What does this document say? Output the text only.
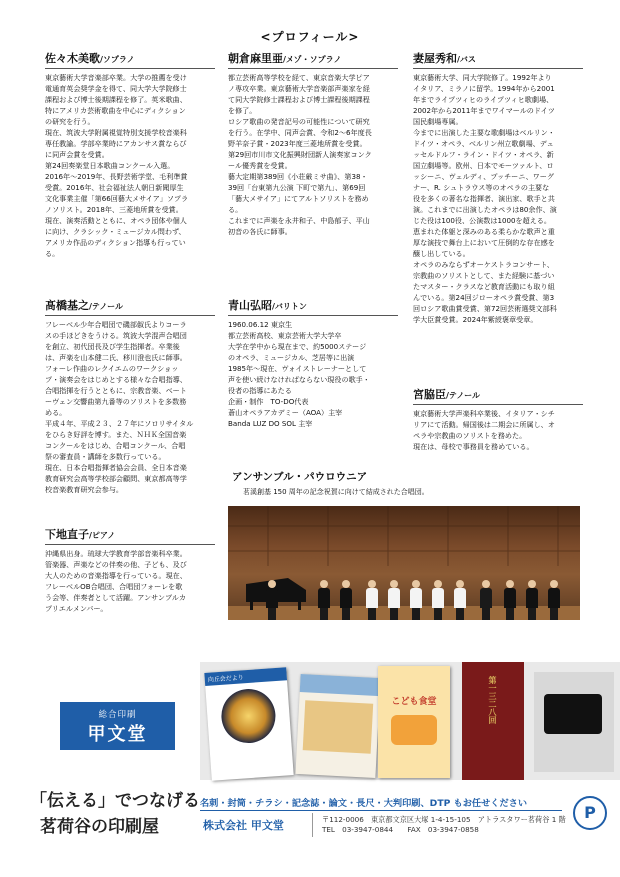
<プロフィール>
佐々木美歌/ソプラノ
東京藝術大学音楽部卒業。大学の推薦を受け
電通育英会奨学金を得て、同大学大学院修士
課程および博士後期課程を修了。英米歌曲、
特にアメリカ芸術歌曲を中心にディクション
の研究を行う。
現在、筑波大学附属視覚特別支援学校音楽科
専任教諭。学部卒業時にアカンサス賞ならび
に同声会賞を受賞。
第24回奏楽堂日本歌曲コンクール入選。
2016年～2019年、長野芸術学堂、毛利準賞
受賞。2016年、社会福祉法人朝日新聞厚生
文化事業主催「第66回藝大メサイア」ソプラ
ノソリスト。2018年、三菱地所賞を受賞。
現在、演奏活動とともに、オペラ団体や個人
に向け、クラシック・ミュージカル問わず、
アメリカ作品のディクション指導も行ってい
る。
髙橋基之/テノール
フレーベル少年合唱団で磯部俶氏よりコーラ
スの手ほどきをうける。筑波大学混声合唱団
を創立、初代団長及び学生指揮者。卒業後
は、声楽を山本健二氏、移川澄也氏に師事。
フォーレ作曲のレクイエムのワークショッ
プ・演奏会をはじめとする様々な合唱指導、
合唱指揮を行うとともに、宗教音楽、ベート
ーヴェン交響曲第九番等のソリストを多数務
める。
平成４年、平成２３、２７年にソロリサイタル
をひらき好評を博す。また、ＮＨＫ全国音楽
コンクールをはじめ、合唱コンクール、合唱
祭の審査員・講師を多数行っている。
現在、日本合唱指揮者協会会員、全日本音楽
教育研究会高等学校部会顧問、東京都高等学
校音楽教育研究会参与。
下地直子/ピアノ
沖縄県出身。琉球大学教育学部音楽科卒業。
管楽器、声楽などの伴奏の他、子ども、及び
大人のための音楽指導を行っている。現在、
フレーベルOB合唱団、合唱団フォーレを歌
う会等、伴奏者として活躍。アンサンブルカ
プリエルメンバー。
朝倉麻里亜/メゾ・ソプラノ
都立芸術高等学校を経て、東京音楽大学ピア
ノ専攻卒業。東京藝術大学音楽部声楽家を経
て同大学院修士課程および博士課程後期課程
を修了。
ロシア歌曲の発音記号の可能性について研究
を行う。在学中、同声会賞、令和2～6年度長
野羊奈子賞・2023年度三菱地所賞を受賞。
第29回市川市文化振興財団新人演奏家コンク
ール優秀賞を受賞。
藝大定期第389回《小荘厳ミサ曲》、第38・
39回「台東第九公演 下町で第九」、第69回
「藝大メサイア」にてアルトソリストを務め
る。
これまでに声楽を永井和子、中島郁子、平山
初音の各氏に師事。
青山弘昭/バリトン
1960.06.12 東京生
都立芸術高校、東京芸術大学大学卒
大学在学中から現在まで、約5000ステージ
のオペラ、ミュージカル、芝居等に出演
1985年～現在、ヴォイストレーナーとして
声を使い続けなければならない現役の歌手・
役者の指導にあたる
企画・制作　TO-DO代表
蒼山オペラアカデミー（AOA）主宰
Banda LUZ DO SOL 主宰
妻屋秀和/バス
東京藝術大学、同大学院修了。1992年より
イタリア、ミラノに留学。1994年から2001
年までライプツィヒのライプツィヒ歌劇場、
2002年から2011年までワイマールのドイツ
国民劇場専属。
今までに出演した主要な歌劇場はベルリン・
ドイツ・オペラ、ベルリン州立歌劇場、デュ
ッセルドルフ・ライン・ドイツ・オペラ、新
国立劇場等。欧州、日本でモーツァルト、ロ
ッシーニ、ヴェルディ、プッチーニ、ワーグ
ナー、R. シュトラウス等のオペラの主要な
役を多くの著名な指揮者、演出家、歌手と共
演。これまでに出演したオペラは80余作、演
じた役は100役、公演数は1000を超える。
恵まれた体躯と深みのある柔らかな歌声と重
厚な演技で舞台上において圧倒的な存在感を
醸し出している。
オペラのみならずオーケストラコンサート、
宗教曲のソリストとして、また経験に基づい
たマスター・クラスなど教育活動にも取り組
んでいる。第24回ジローオペラ賞受賞、第3
回ロシア歌曲賞受賞、第72回芸術選奨文部科
学大臣賞受賞。2024年紫綬褒章受章。
宮脇臣/テノール
東京藝術大学声楽科卒業後、イタリア・シチ
リアにて活動。帰国後は二期会に所属し、オ
ペラや宗教曲のソリストを務めた。
現在は、母校で事務員を務めている。
アンサンブル・パウロウニア
茗溪創基 150 周年の記念祝賀に向けて結成された合唱団。
向丘会だより
こども食堂	第一三二八回
総合印刷
甲文堂
「伝える」でつなげる
茗荷谷の印刷屋
名刺・封筒・チラシ・記念誌・論文・長尺・大判印刷、DTP もお任せください
株式会社 甲文堂	〒112-0006　東京都文京区大塚 1-4-15-105　アトラスタワー茗荷谷 1 階
TEL　03-3947-0844　　FAX　03-3947-0858
P
